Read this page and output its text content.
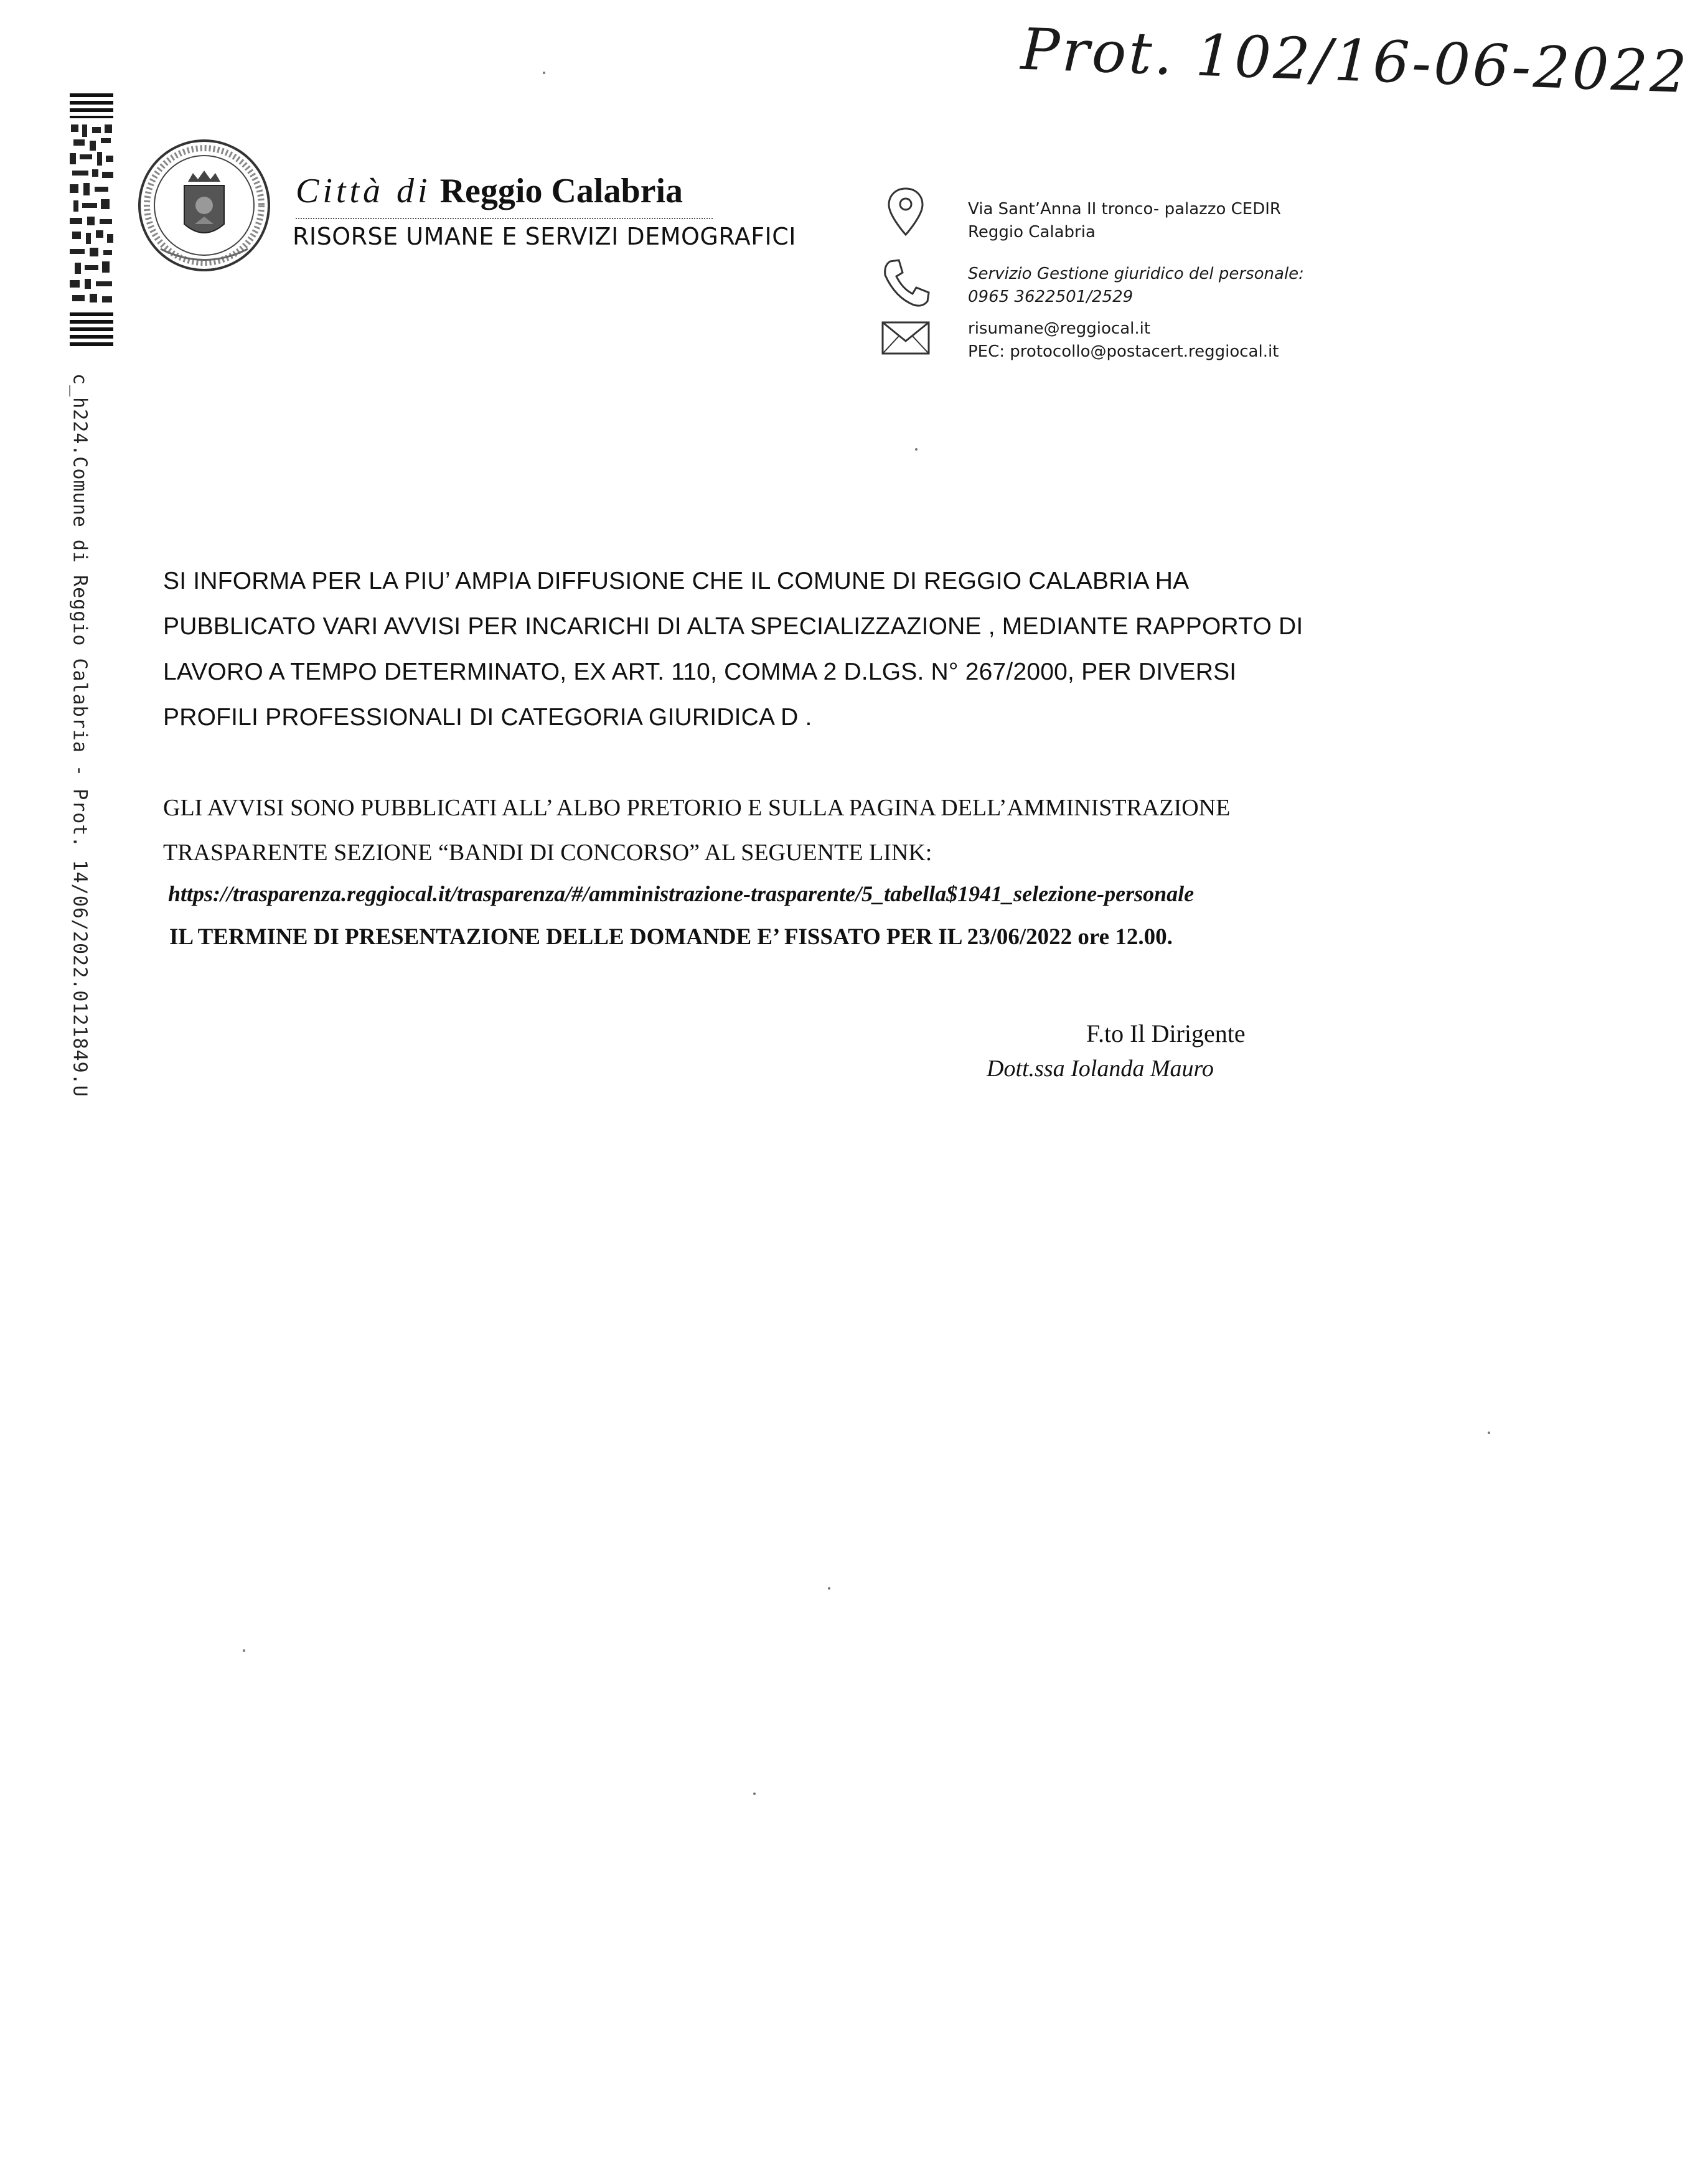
Prot. 102/16-06-2022
c_h224.Comune di Reggio Calabria - Prot. 14/06/2022.0121849.U
Città di Reggio Calabria
RISORSE UMANE E SERVIZI DEMOGRAFICI
Via Sant’Anna II tronco- palazzo CEDIR
Reggio Calabria
Servizio Gestione giuridico del personale:
0965 3622501/2529
risumane@reggiocal.it
PEC: protocollo@postacert.reggiocal.it
SI INFORMA PER LA PIU’ AMPIA DIFFUSIONE CHE IL COMUNE DI REGGIO CALABRIA HA
PUBBLICATO VARI AVVISI PER INCARICHI DI ALTA SPECIALIZZAZIONE , MEDIANTE RAPPORTO DI
LAVORO A TEMPO DETERMINATO, EX ART. 110, COMMA 2 D.LGS. N° 267/2000, PER DIVERSI
PROFILI PROFESSIONALI DI CATEGORIA GIURIDICA D .
GLI AVVISI SONO PUBBLICATI ALL’ ALBO PRETORIO E SULLA PAGINA DELL’AMMINISTRAZIONE
TRASPARENTE SEZIONE “BANDI DI CONCORSO” AL SEGUENTE LINK:
https://trasparenza.reggiocal.it/trasparenza/#/amministrazione-trasparente/5_tabella$1941_selezione-personale
IL TERMINE DI PRESENTAZIONE DELLE DOMANDE E’ FISSATO PER IL 23/06/2022 ore 12.00.
F.to Il Dirigente
Dott.ssa Iolanda Mauro
